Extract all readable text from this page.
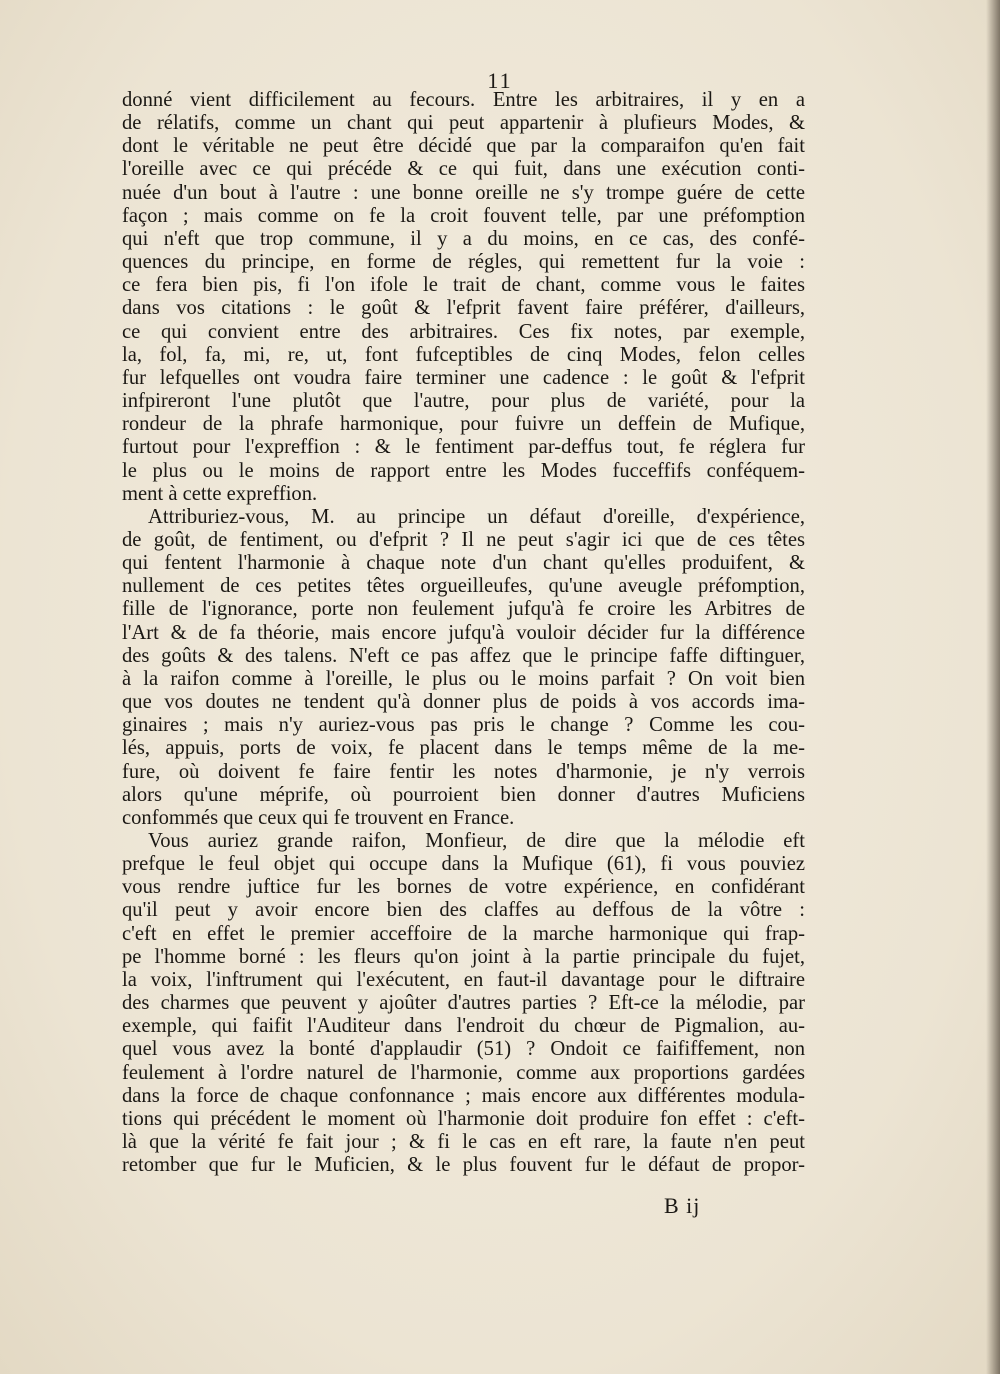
11
donné vient difficilement au fecours. Entre les arbitraires, il y en a
de rélatifs, comme un chant qui peut appartenir à plufieurs Modes, &
dont le véritable ne peut être décidé que par la comparaifon qu'en fait
l'oreille avec ce qui précéde & ce qui fuit, dans une exécution conti-
nuée d'un bout à l'autre : une bonne oreille ne s'y trompe guére de cette
façon ; mais comme on fe la croit fouvent telle, par une préfomption
qui n'eft que trop commune, il y a du moins, en ce cas, des confé-
quences du principe, en forme de régles, qui remettent fur la voie :
ce fera bien pis, fi l'on ifole le trait de chant, comme vous le faites
dans vos citations : le goût & l'efprit favent faire préférer, d'ailleurs,
ce qui convient entre des arbitraires. Ces fix notes, par exemple,
la, fol, fa, mi, re, ut, font fufceptibles de cinq Modes, felon celles
fur lefquelles ont voudra faire terminer une cadence : le goût & l'efprit
infpireront l'une plutôt que l'autre, pour plus de variété, pour la
rondeur de la phrafe harmonique, pour fuivre un deffein de Mufique,
furtout pour l'expreffion : & le fentiment par-deffus tout, fe réglera fur
le plus ou le moins de rapport entre les Modes fucceffifs conféquem-
ment à cette expreffion.
Attriburiez-vous, M. au principe un défaut d'oreille, d'expérience,
de goût, de fentiment, ou d'efprit ? Il ne peut s'agir ici que de ces têtes
qui fentent l'harmonie à chaque note d'un chant qu'elles produifent, &
nullement de ces petites têtes orgueilleufes, qu'une aveugle préfomption,
fille de l'ignorance, porte non feulement jufqu'à fe croire les Arbitres de
l'Art & de fa théorie, mais encore jufqu'à vouloir décider fur la différence
des goûts & des talens. N'eft ce pas affez que le principe faffe diftinguer,
à la raifon comme à l'oreille, le plus ou le moins parfait ? On voit bien
que vos doutes ne tendent qu'à donner plus de poids à vos accords ima-
ginaires ; mais n'y auriez-vous pas pris le change ? Comme les cou-
lés, appuis, ports de voix, fe placent dans le temps même de la me-
fure, où doivent fe faire fentir les notes d'harmonie, je n'y verrois
alors qu'une méprife, où pourroient bien donner d'autres Muficiens
confommés que ceux qui fe trouvent en France.
Vous auriez grande raifon, Monfieur, de dire que la mélodie eft
prefque le feul objet qui occupe dans la Mufique (61), fi vous pouviez
vous rendre juftice fur les bornes de votre expérience, en confidérant
qu'il peut y avoir encore bien des claffes au deffous de la vôtre :
c'eft en effet le premier acceffoire de la marche harmonique qui frap-
pe l'homme borné : les fleurs qu'on joint à la partie principale du fujet,
la voix, l'inftrument qui l'exécutent, en faut-il davantage pour le diftraire
des charmes que peuvent y ajoûter d'autres parties ? Eft-ce la mélodie, par
exemple, qui faifit l'Auditeur dans l'endroit du chœur de Pigmalion, au-
quel vous avez la bonté d'applaudir (51) ? Ondoit ce faififfement, non
feulement à l'ordre naturel de l'harmonie, comme aux proportions gardées
dans la force de chaque confonnance ; mais encore aux différentes modula-
tions qui précédent le moment où l'harmonie doit produire fon effet : c'eft-
là que la vérité fe fait jour ; & fi le cas en eft rare, la faute n'en peut
retomber que fur le Muficien, & le plus fouvent fur le défaut de propor-
B ij
